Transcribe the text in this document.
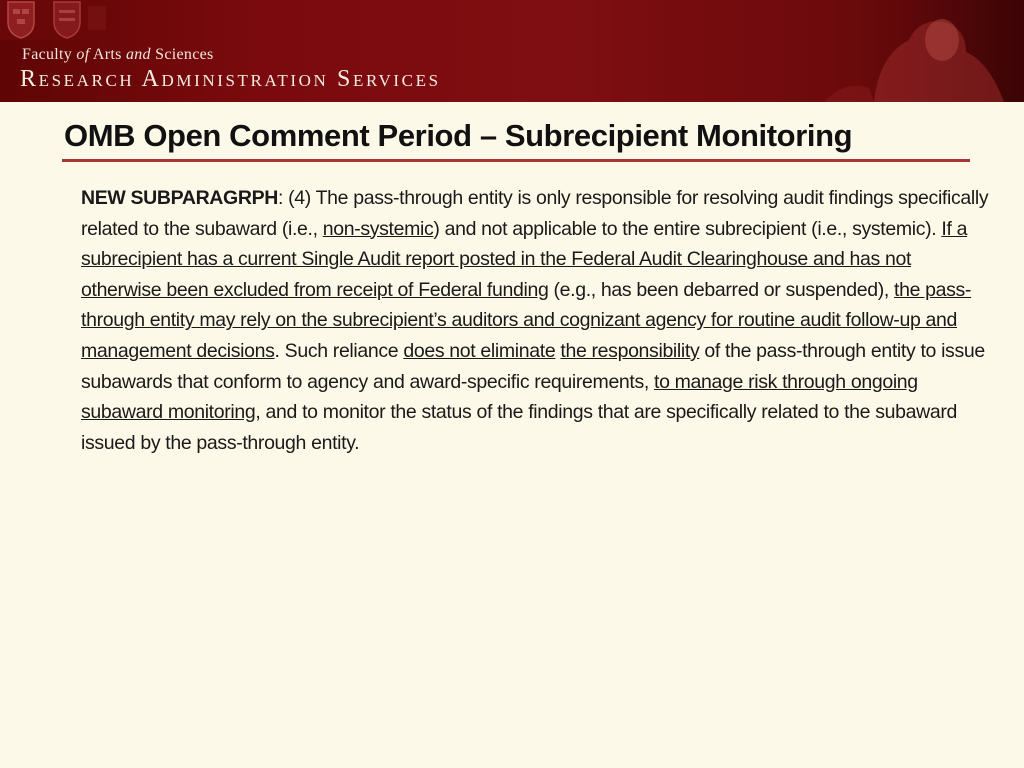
Faculty of Arts and Sciences
Research Administration Services
OMB Open Comment Period – Subrecipient Monitoring
NEW SUBPARAGRPH: (4) The pass-through entity is only responsible for resolving audit findings specifically related to the subaward (i.e., non-systemic) and not applicable to the entire subrecipient (i.e., systemic). If a subrecipient has a current Single Audit report posted in the Federal Audit Clearinghouse and has not otherwise been excluded from receipt of Federal funding (e.g., has been debarred or suspended), the pass-through entity may rely on the subrecipient’s auditors and cognizant agency for routine audit follow-up and management decisions. Such reliance does not eliminate the responsibility of the pass-through entity to issue subawards that conform to agency and award-specific requirements, to manage risk through ongoing subaward monitoring, and to monitor the status of the findings that are specifically related to the subaward issued by the pass-through entity.
